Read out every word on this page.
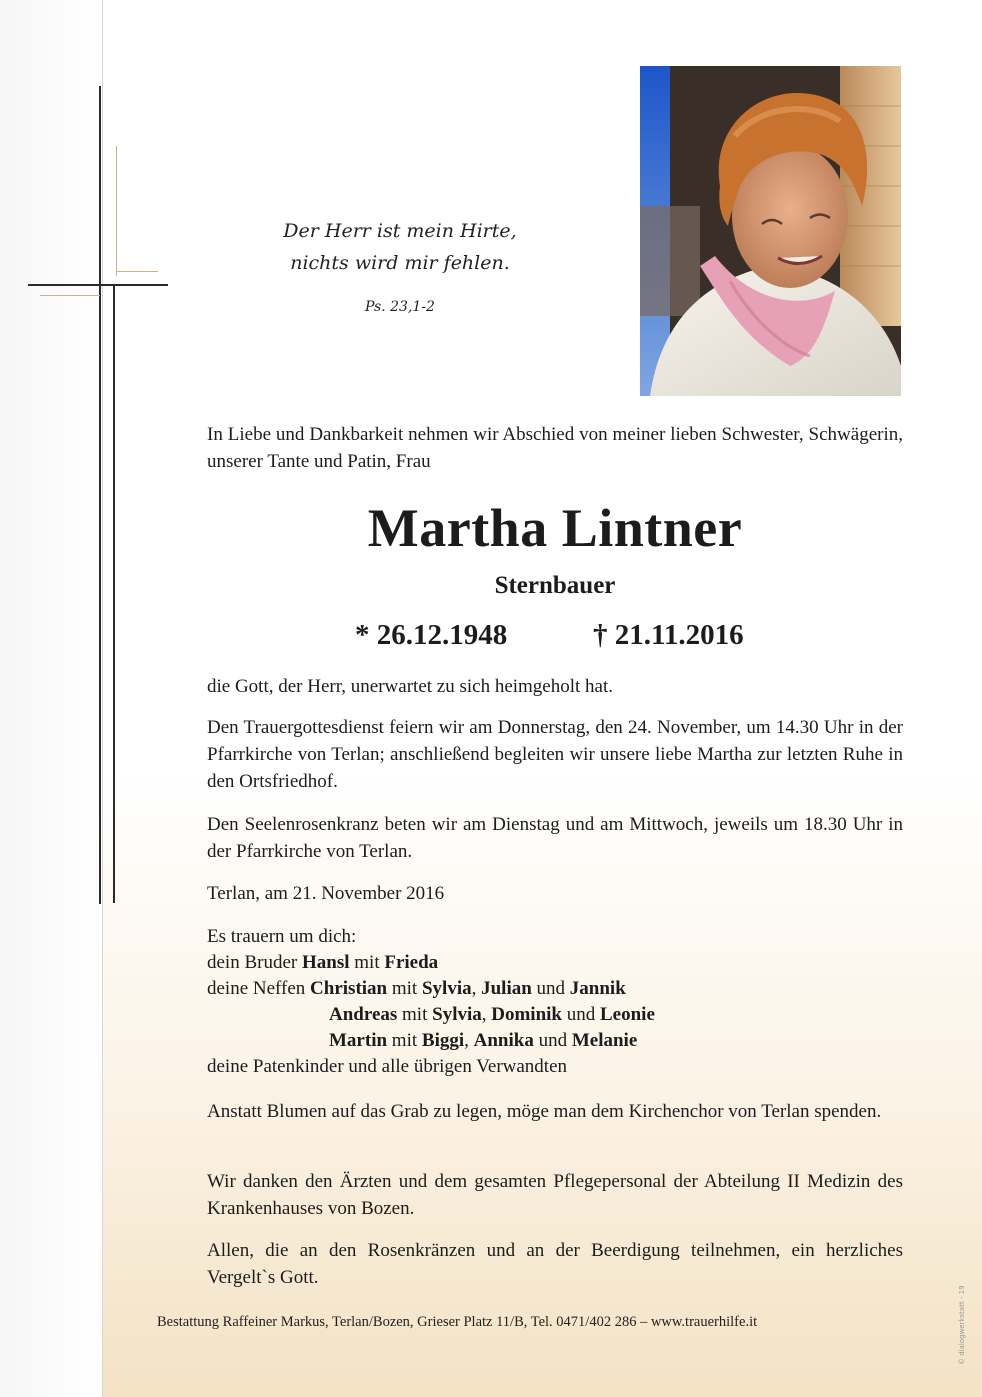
Der Herr ist mein Hirte,
nichts wird mir fehlen.
Ps. 23,1-2
In Liebe und Dankbarkeit nehmen wir Abschied von meiner lieben Schwester, Schwägerin, unserer Tante und Patin, Frau
Martha Lintner
Sternbauer
* 26.12.1948	† 21.11.2016
die Gott, der Herr, unerwartet zu sich heimgeholt hat.
Den Trauergottesdienst feiern wir am Donnerstag, den 24. November, um 14.30 Uhr in der Pfarrkirche von Terlan; anschließend begleiten wir unsere liebe Martha zur letzten Ruhe in den Ortsfriedhof.
Den Seelenrosenkranz beten wir am Dienstag und am Mittwoch, jeweils um 18.30 Uhr in der Pfarrkirche von Terlan.
Terlan, am 21. November 2016
Es trauern um dich:
dein Bruder Hansl mit Frieda
deine Neffen Christian mit Sylvia, Julian und Jannik
Andreas mit Sylvia, Dominik und Leonie
Martin mit Biggi, Annika und Melanie
deine Patenkinder und alle übrigen Verwandten
Anstatt Blumen auf das Grab zu legen, möge man dem Kirchenchor von Terlan spenden.
Wir danken den Ärzten und dem gesamten Pflegepersonal der Abteilung II Medizin des Krankenhauses von Bozen.
Allen, die an den Rosenkränzen und an der Beerdigung teilnehmen, ein herzliches Vergelt`s Gott.
Bestattung Raffeiner Markus, Terlan/Bozen, Grieser Platz 11/B, Tel. 0471/402 286 – www.trauerhilfe.it	© dialogwerkstatt - 19
